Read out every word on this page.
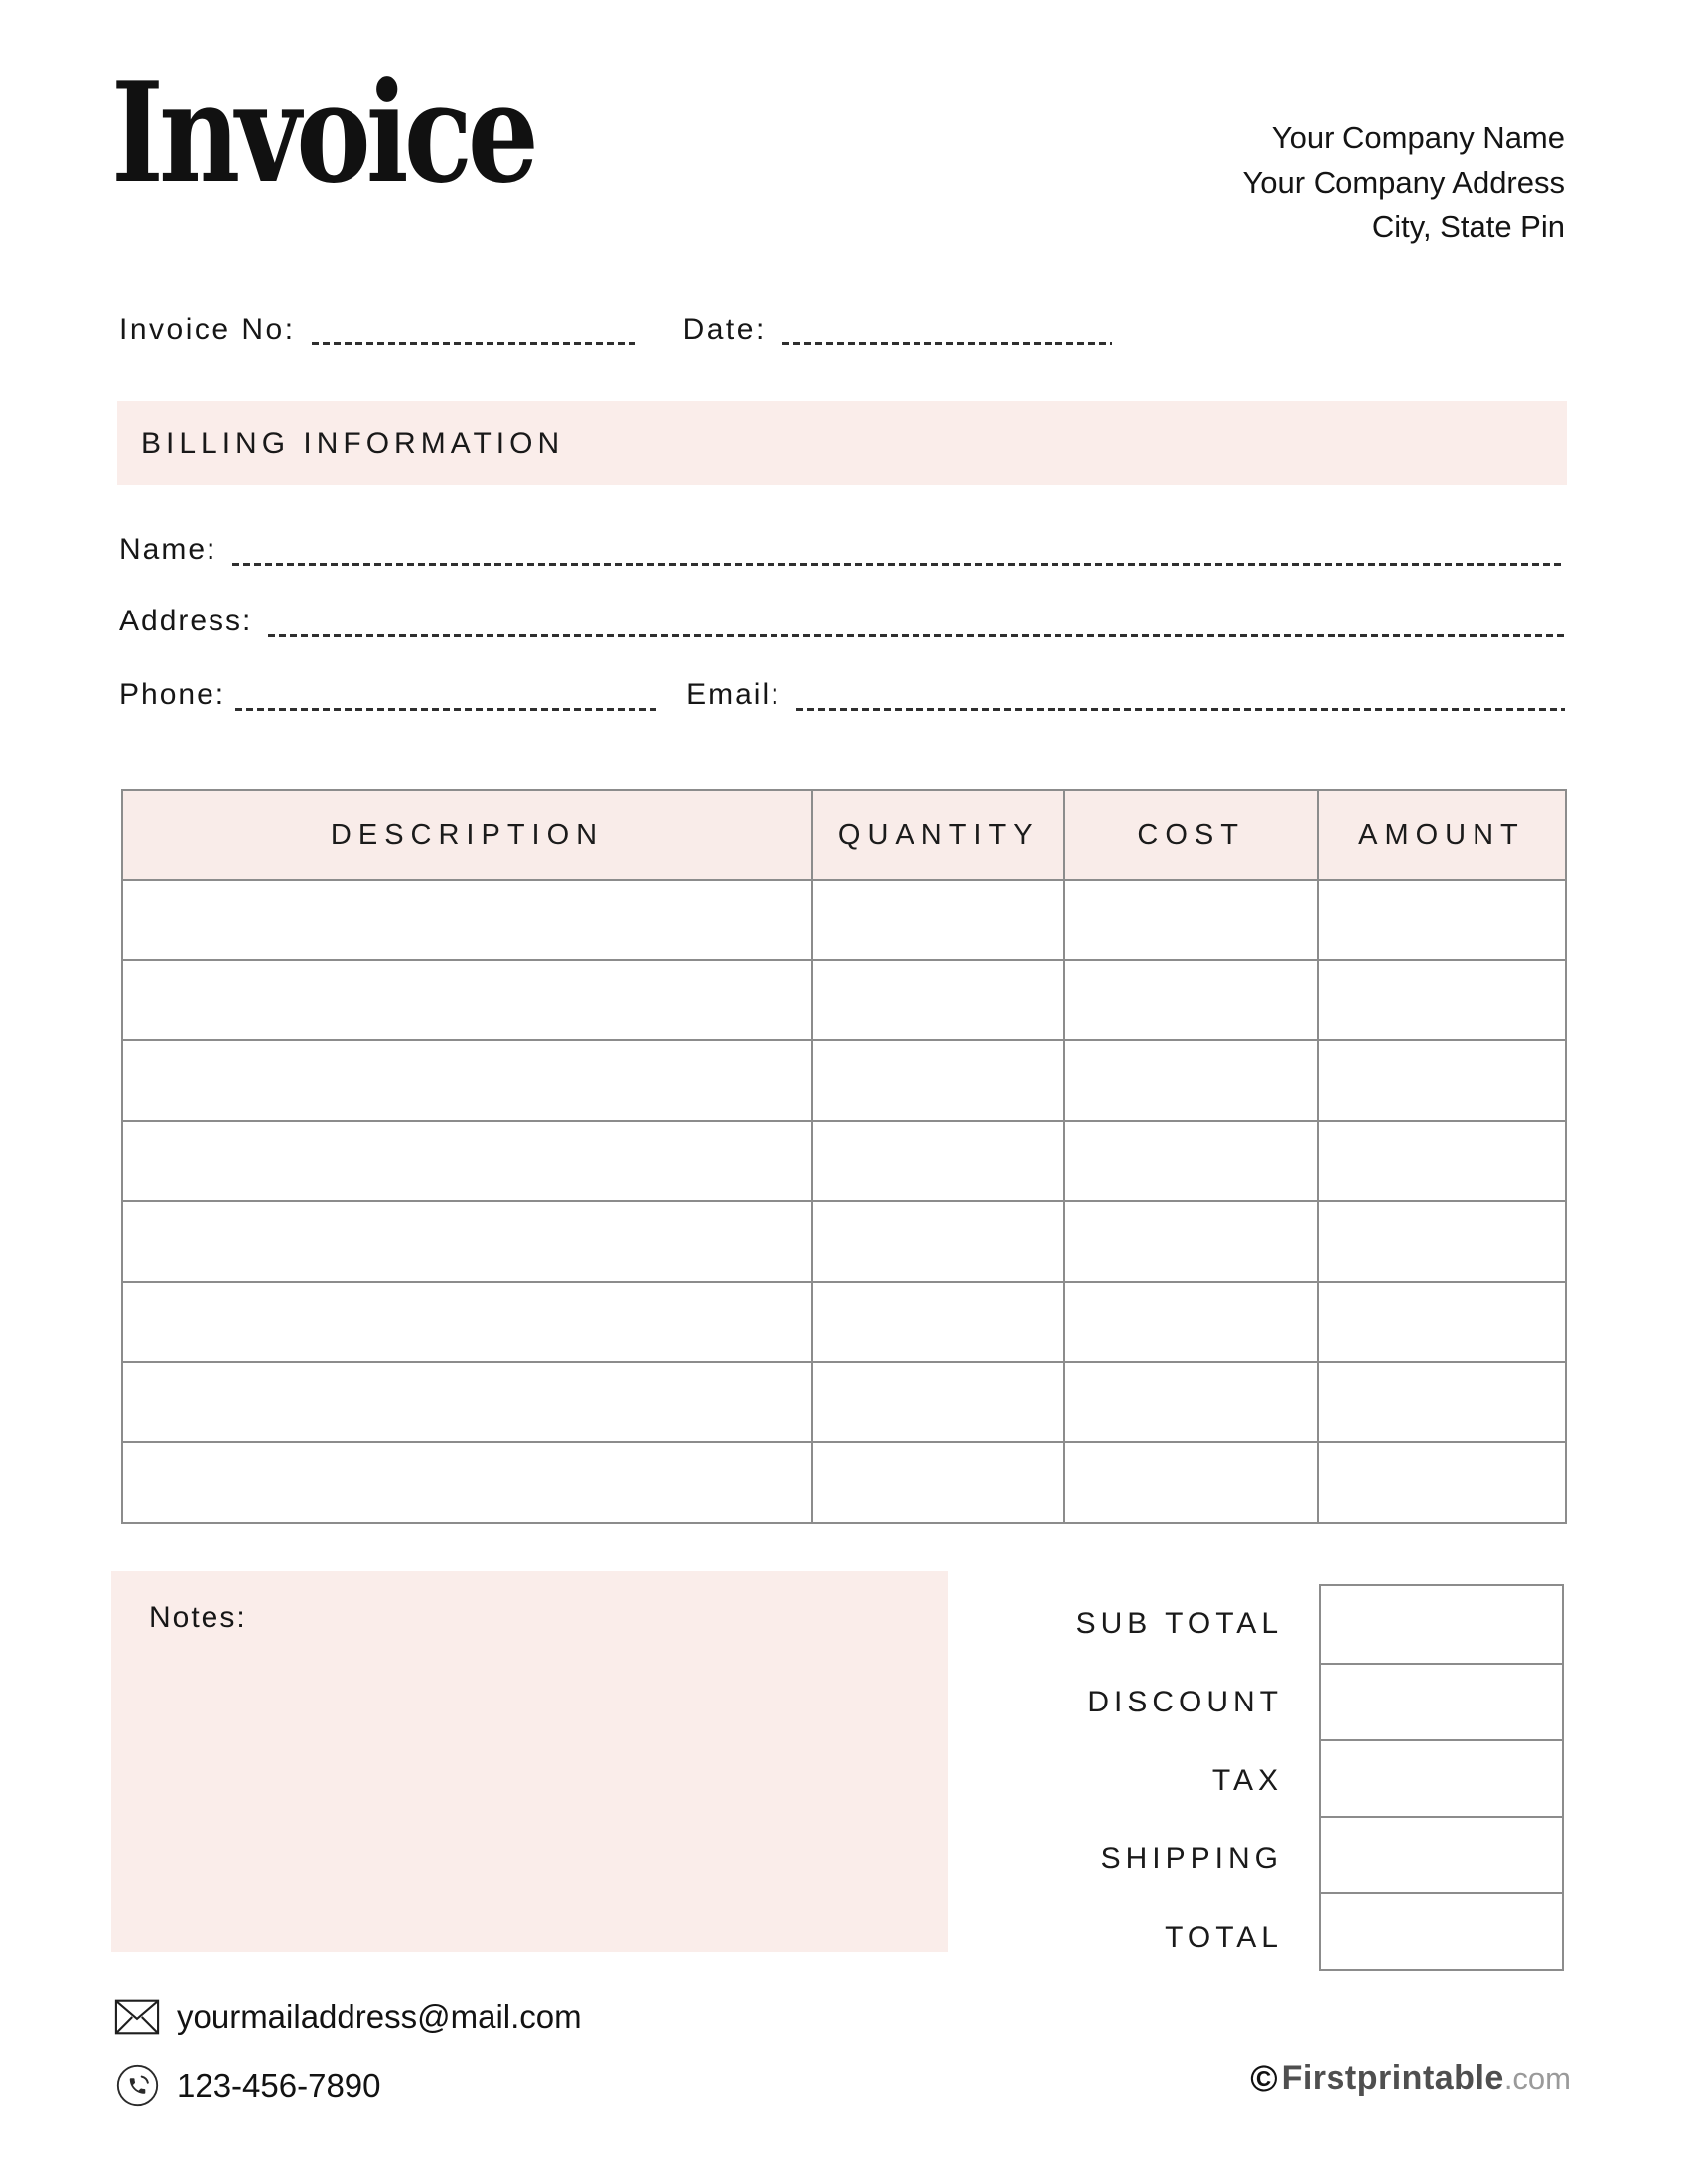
Invoice	Your Company Name
Your Company Address
City, State Pin
Invoice No:	Date:
BILLING INFORMATION
Name:
Address:
Phone:	Email:
DESCRIPTION	QUANTITY	COST	AMOUNT

Notes:	SUB TOTAL
DISCOUNT
TAX
SHIPPING
TOTAL
yourmailaddress@mail.com
123-456-7890	© Firstprintable .com
